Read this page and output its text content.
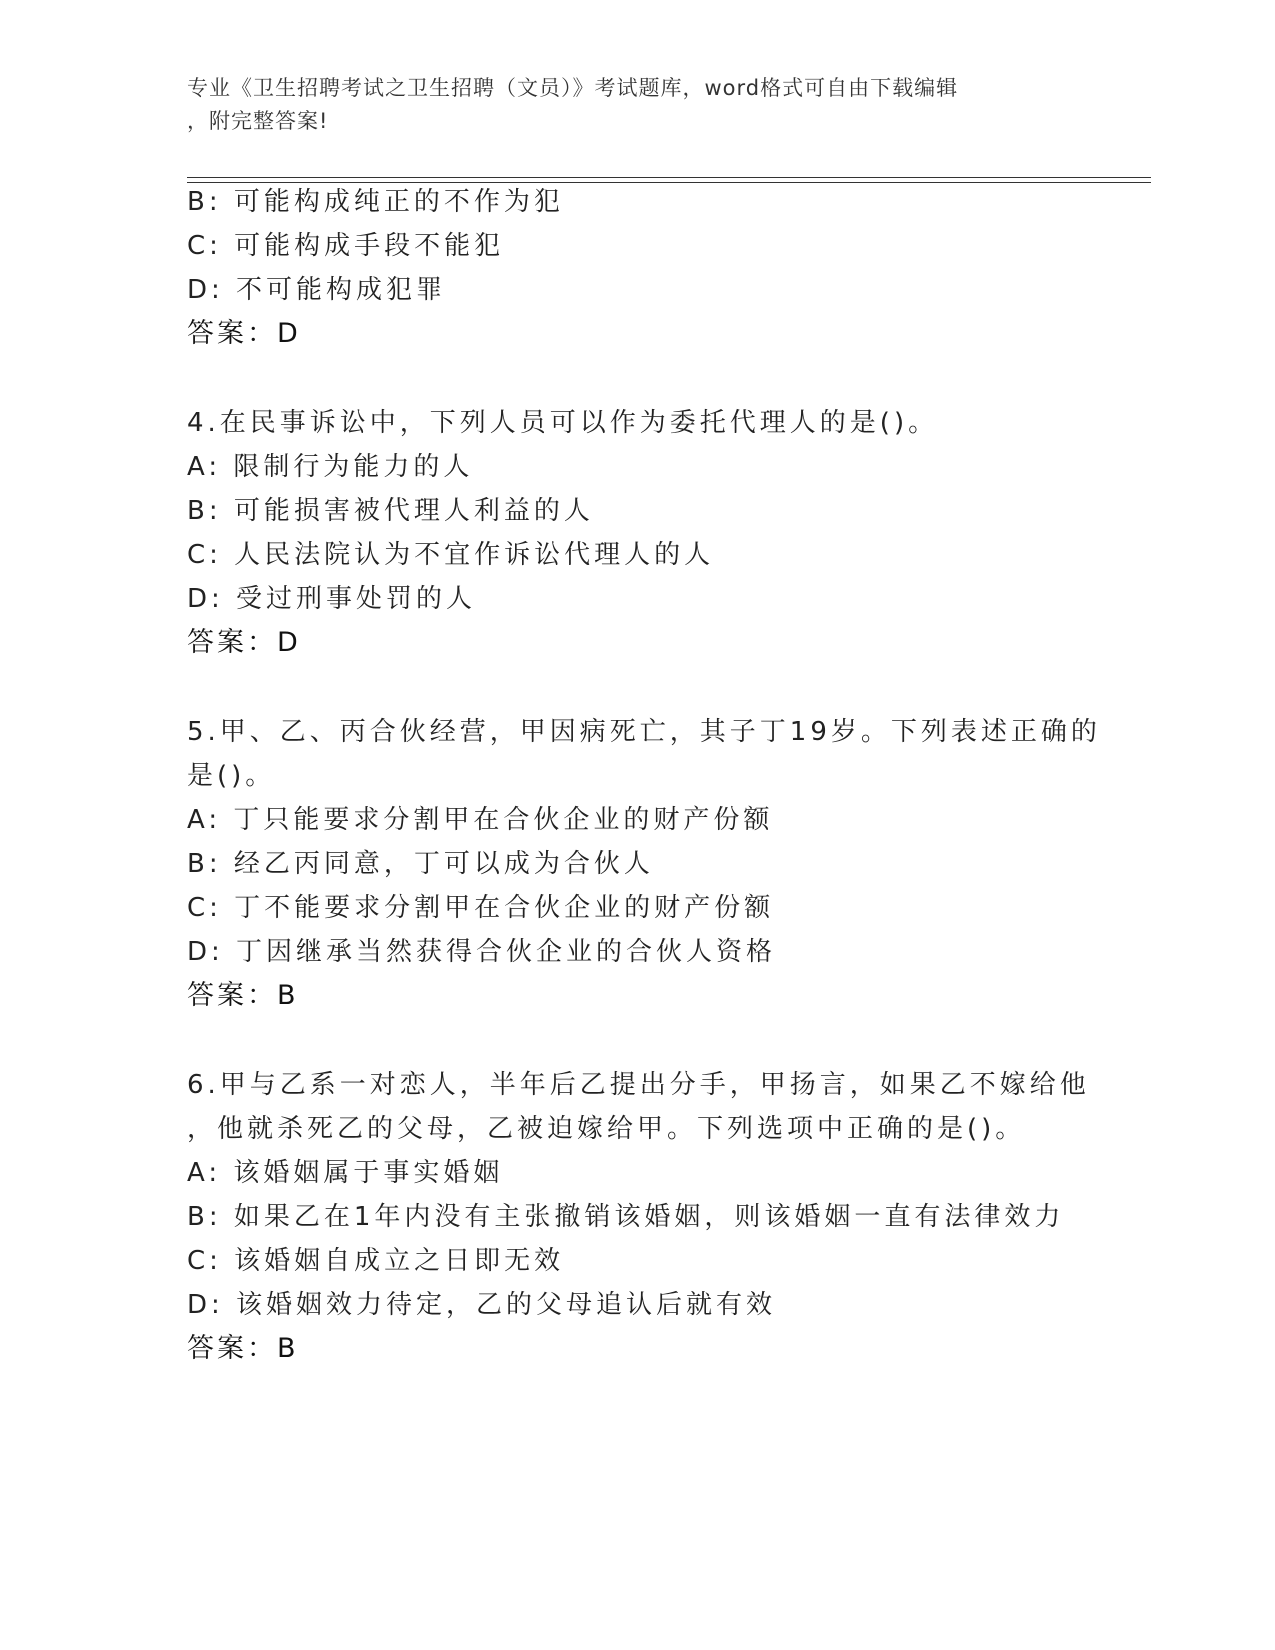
专业《卫生招聘考试之卫生招聘（文员）》考试题库，word格式可自由下载编辑
，附完整答案!
B: 可能构成纯正的不作为犯
C: 可能构成手段不能犯
D: 不可能构成犯罪
答案：D
4.在民事诉讼中，下列人员可以作为委托代理人的是()。
A: 限制行为能力的人
B: 可能损害被代理人利益的人
C: 人民法院认为不宜作诉讼代理人的人
D: 受过刑事处罚的人
答案：D
5.甲、乙、丙合伙经营，甲因病死亡，其子丁19岁。下列表述正确的
是()。
A: 丁只能要求分割甲在合伙企业的财产份额
B: 经乙丙同意，丁可以成为合伙人
C: 丁不能要求分割甲在合伙企业的财产份额
D: 丁因继承当然获得合伙企业的合伙人资格
答案：B
6.甲与乙系一对恋人，半年后乙提出分手，甲扬言，如果乙不嫁给他
，他就杀死乙的父母，乙被迫嫁给甲。下列选项中正确的是()。
A: 该婚姻属于事实婚姻
B: 如果乙在1年内没有主张撤销该婚姻，则该婚姻一直有法律效力
C: 该婚姻自成立之日即无效
D: 该婚姻效力待定，乙的父母追认后就有效
答案：B
